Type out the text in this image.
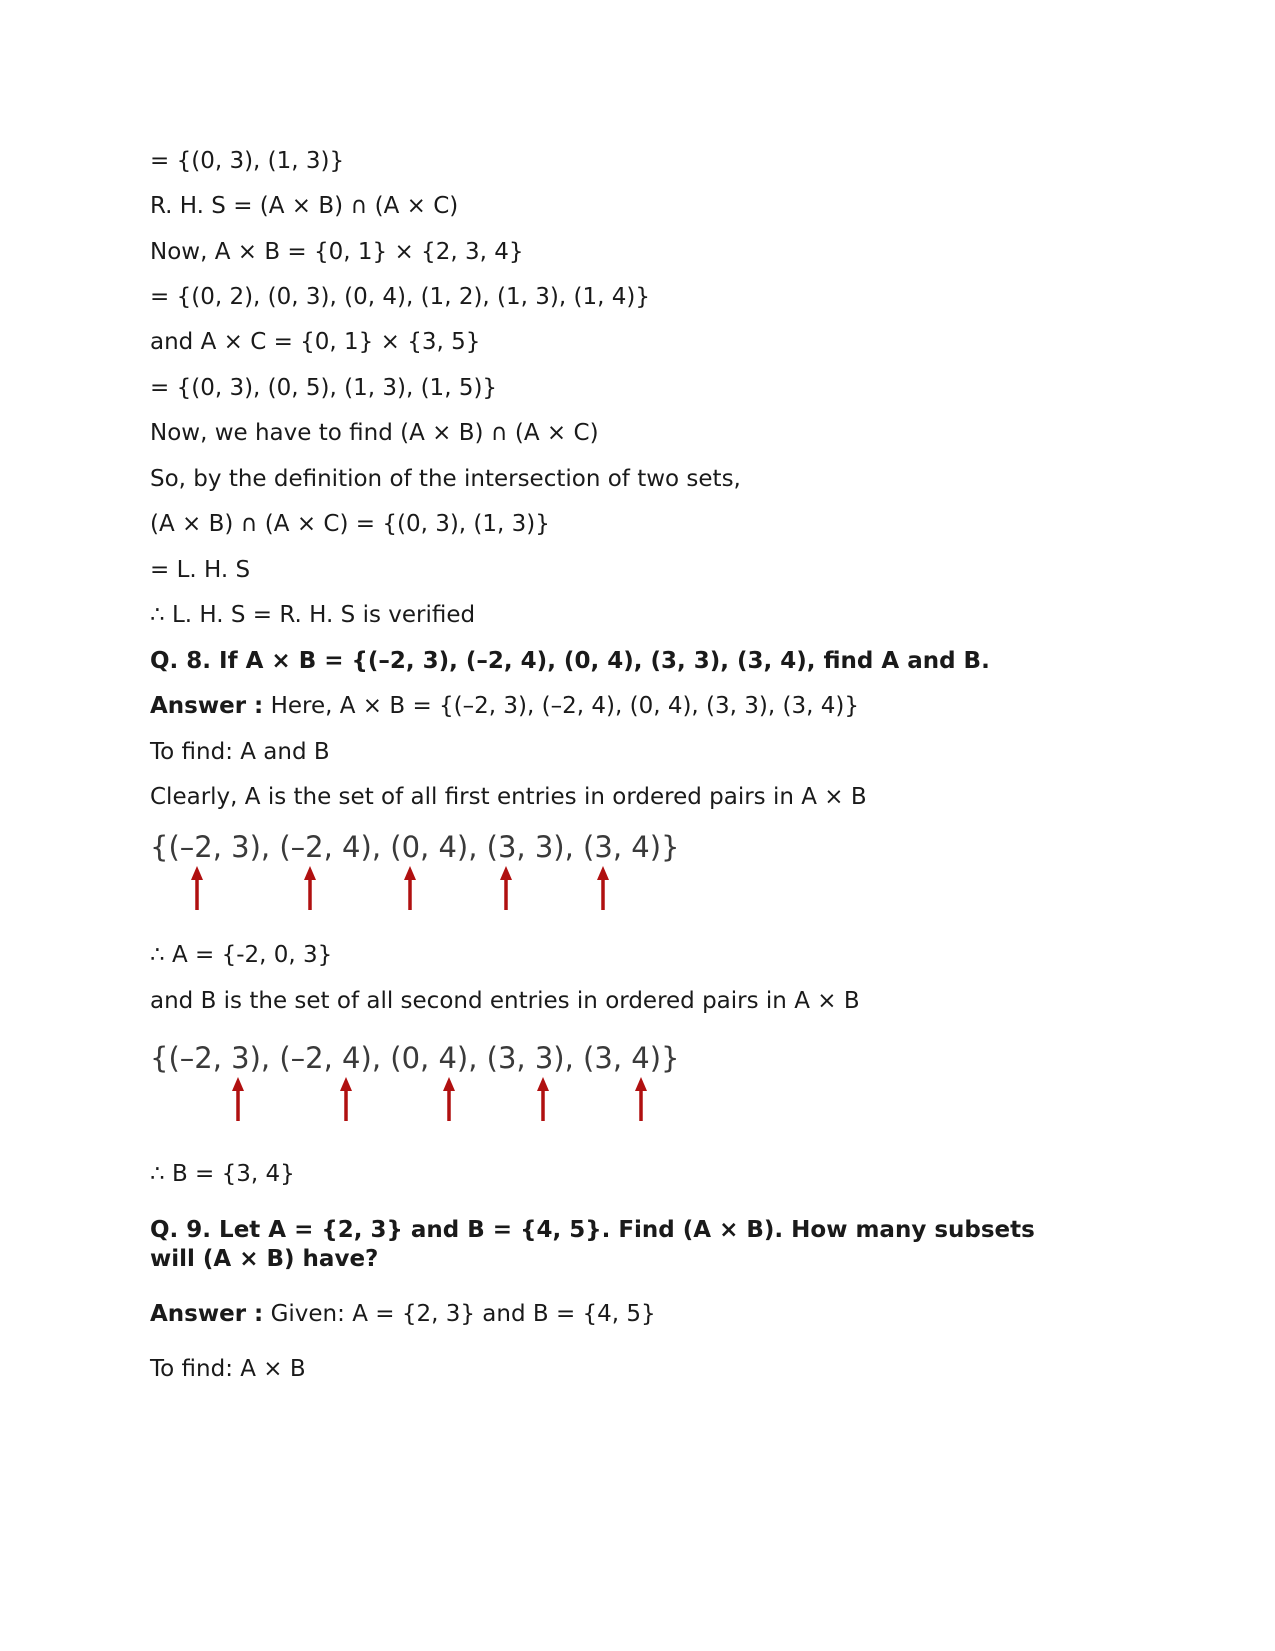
= {(0, 3), (1, 3)}
R. H. S = (A × B) ∩ (A × C)
Now, A × B = {0, 1} × {2, 3, 4}
= {(0, 2), (0, 3), (0, 4), (1, 2), (1, 3), (1, 4)}
and A × C = {0, 1} × {3, 5}
= {(0, 3), (0, 5), (1, 3), (1, 5)}
Now, we have to find (A × B) ∩ (A × C)
So, by the definition of the intersection of two sets,
(A × B) ∩ (A × C) = {(0, 3), (1, 3)}
= L. H. S
∴ L. H. S = R. H. S is verified
Q. 8. If A × B = {(–2, 3), (–2, 4), (0, 4), (3, 3), (3, 4), find A and B.
Answer : Here, A × B = {(–2, 3), (–2, 4), (0, 4), (3, 3), (3, 4)}
To find: A and B
Clearly, A is the set of all first entries in ordered pairs in A × B
{(–2, 3), (–2, 4), (0, 4), (3, 3), (3, 4)}
∴ A = {-2, 0, 3}
and B is the set of all second entries in ordered pairs in A × B
{(–2, 3), (–2, 4), (0, 4), (3, 3), (3, 4)}
∴ B = {3, 4}
Q. 9. Let A = {2, 3} and B = {4, 5}. Find (A × B). How many subsets will (A × B) have?
Answer : Given: A = {2, 3} and B = {4, 5}
To find: A × B
